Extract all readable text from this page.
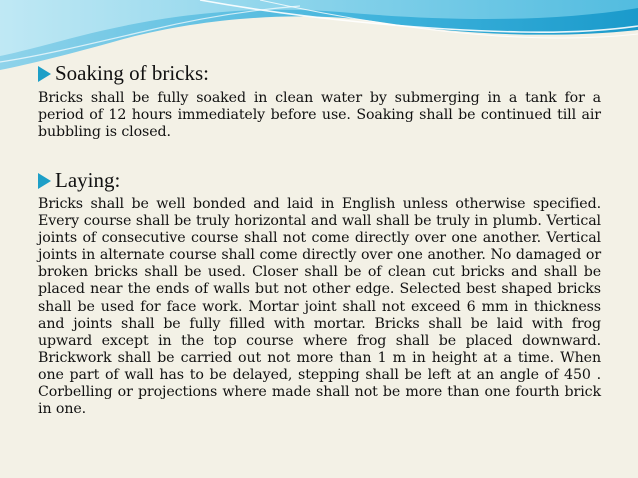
Soaking of bricks:

Bricks shall be fully soaked in clean water by submerging in a tank for a period of 12 hours immediately before use. Soaking shall be continued till air bubbling is closed.

Laying:

Bricks shall be well bonded and laid in English unless otherwise specified. Every course shall be truly horizontal and wall shall be truly in plumb. Vertical joints of consecutive course shall not come directly over one another. Vertical joints in alternate course shall come directly over one another. No damaged or broken bricks shall be used. Closer shall be of clean cut bricks and shall be placed near the ends of walls but not other edge. Selected best shaped bricks shall be used for face work. Mortar joint shall not exceed 6 mm in thickness and joints shall be fully filled with mortar. Bricks shall be laid with frog upward except in the top course where frog shall be placed downward. Brickwork shall be carried out not more than 1 m in height at a time. When one part of wall has to be delayed, stepping shall be left at an angle of 450 . Corbelling or projections where made shall not be more than one fourth brick in one.
